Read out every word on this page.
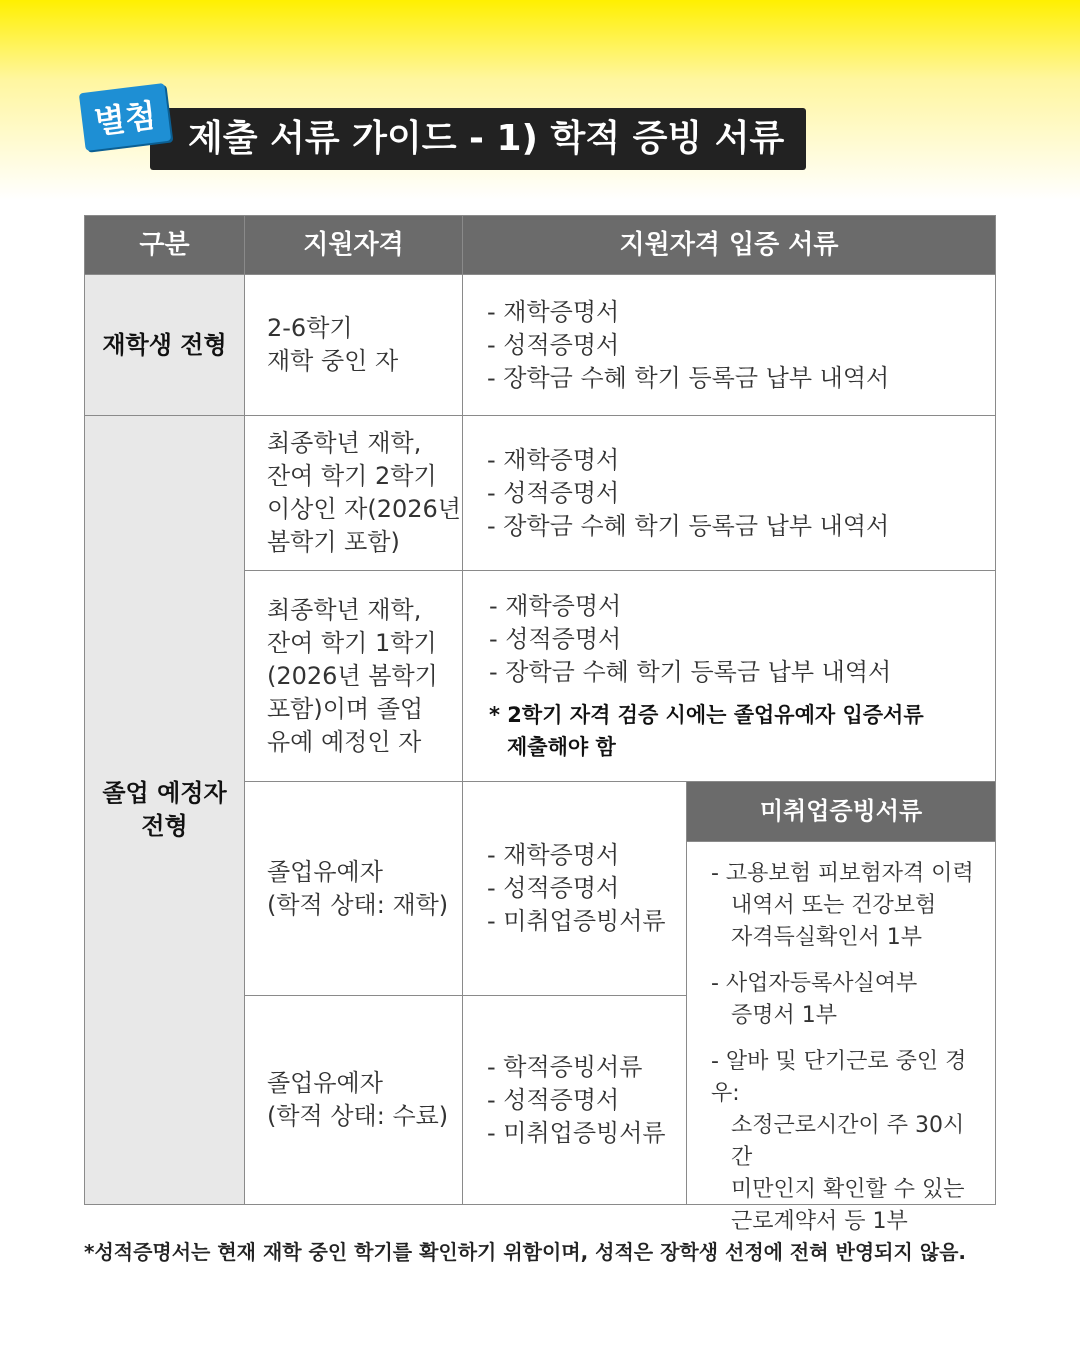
별첨 제출 서류 가이드 - 1) 학적 증빙 서류
구분	지원자격	지원자격 입증 서류
재학생 전형
졸업 예정자
전형
2-6학기
재학 중인 자
- 재학증명서
- 성적증명서
- 장학금 수혜 학기 등록금 납부 내역서
최종학년 재학,
잔여 학기 2학기
이상인 자(2026년
봄학기 포함)
- 재학증명서
- 성적증명서
- 장학금 수혜 학기 등록금 납부 내역서
최종학년 재학,
잔여 학기 1학기
(2026년 봄학기
포함)이며 졸업
유예 예정인 자
- 재학증명서
- 성적증명서
- 장학금 수혜 학기 등록금 납부 내역서
* 2학기 자격 검증 시에는 졸업유예자 입증서류
제출해야 함
졸업유예자
(학적 상태: 재학)
- 재학증명서
- 성적증명서
- 미취업증빙서류
졸업유예자
(학적 상태: 수료)
- 학적증빙서류
- 성적증명서
- 미취업증빙서류
미취업증빙서류
- 고용보험 피보험자격 이력
내역서 또는 건강보험
자격득실확인서 1부
- 사업자등록사실여부
증명서 1부
- 알바 및 단기근로 중인 경우:
소정근로시간이 주 30시간
미만인지 확인할 수 있는
근로계약서 등 1부
*성적증명서는 현재 재학 중인 학기를 확인하기 위함이며, 성적은 장학생 선정에 전혀 반영되지 않음.
